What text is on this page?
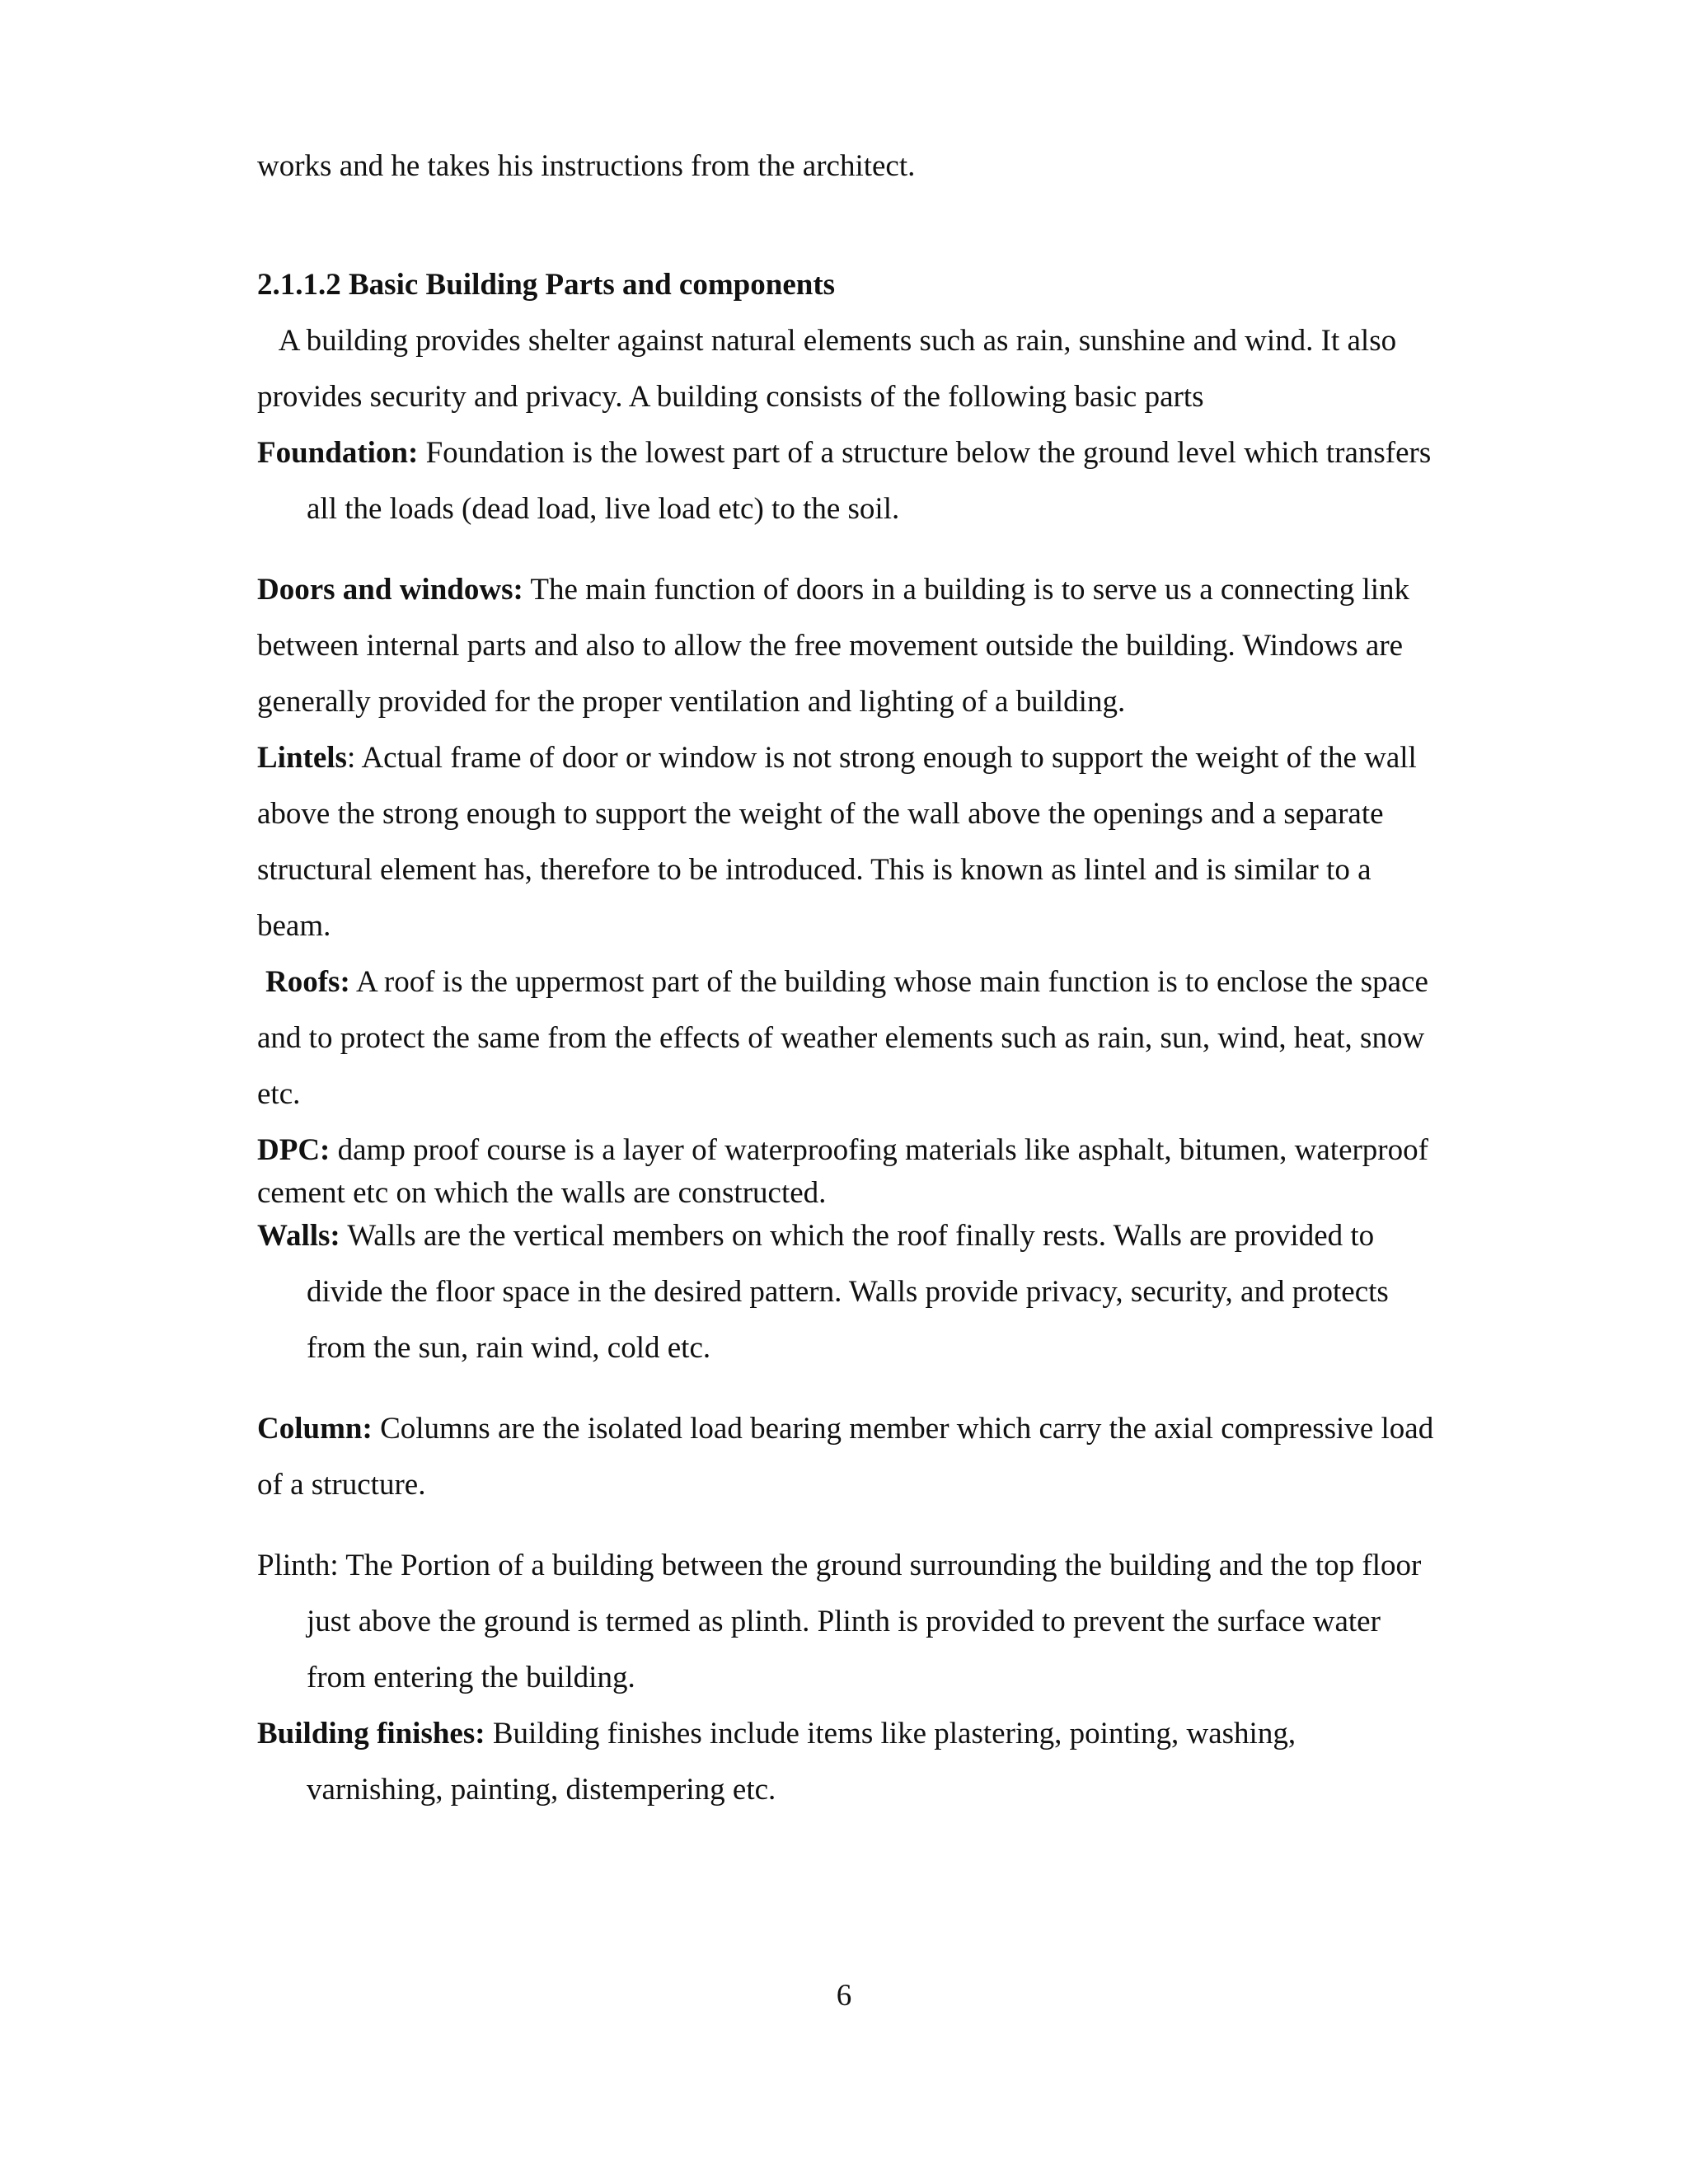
works and he takes his instructions from the architect.

2.1.1.2 Basic Building Parts and components

A building provides shelter against natural elements such as rain, sunshine and wind. It also

provides security and privacy. A building consists of the following basic parts

Foundation: Foundation is the lowest part of a structure below the ground level which transfers

all the loads (dead load, live load etc) to the soil.

Doors and windows: The main function of doors in a building is to serve us a connecting link

between internal parts and also to allow the free movement outside the building. Windows are

generally provided for the proper ventilation and lighting of a building.

Lintels: Actual frame of door or window is not strong enough to support the weight of the wall

above the strong enough to support the weight of the wall above the openings and a separate

structural element has, therefore to be introduced. This is known as lintel and is similar to a

beam.

Roofs: A roof is the uppermost part of the building whose main function is to enclose the space

and to protect the same from the effects of weather elements such as rain, sun, wind, heat, snow

etc.

DPC: damp proof course is a layer of waterproofing materials like asphalt, bitumen, waterproof

cement etc on which the walls are constructed.

Walls: Walls are the vertical members on which the roof finally rests. Walls are provided to

divide the floor space in the desired pattern. Walls provide privacy, security, and protects

from the sun, rain wind, cold etc.

Column: Columns are the isolated load bearing member which carry the axial compressive load

of a structure.

Plinth: The Portion of a building between the ground surrounding the building and the top floor

just above the ground is termed as plinth. Plinth is provided to prevent the surface water

from entering the building.

Building finishes: Building finishes include items like plastering, pointing, washing,

varnishing, painting, distempering etc.

6
